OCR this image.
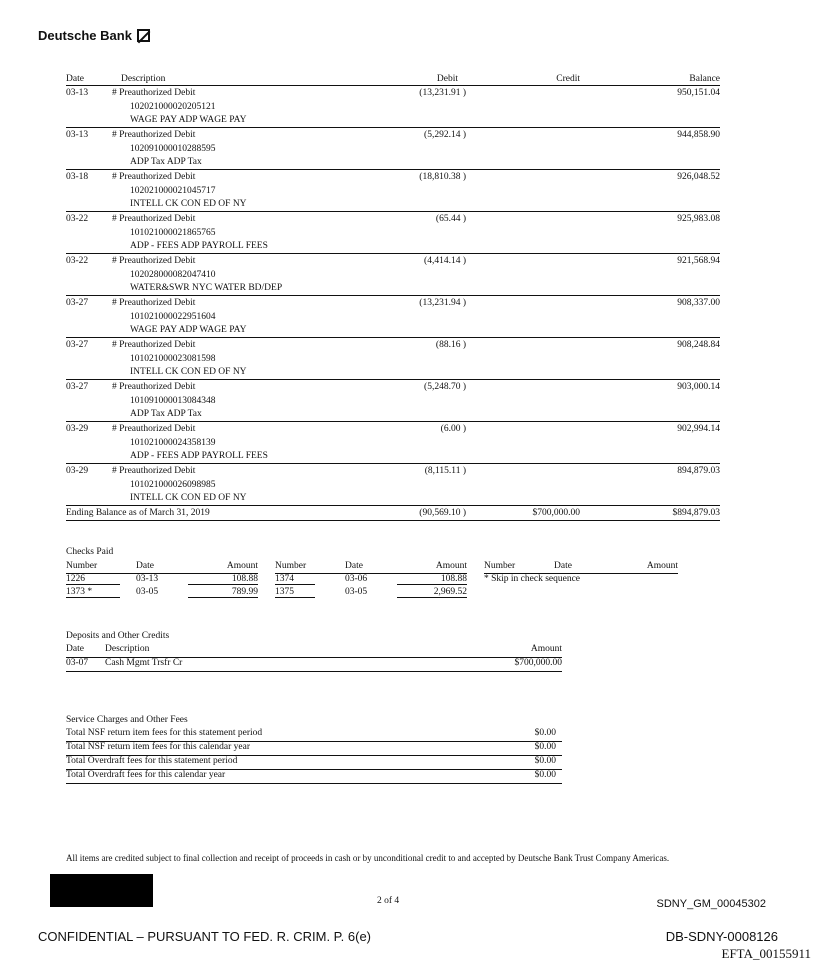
Deutsche Bank
Date	Description	Debit	Credit	Balance
03-13	# Preauthorized Debit
102021000020205121
WAGE PAY ADP WAGE PAY
(13,231.91 )	950,151.04
03-13	# Preauthorized Debit
102091000010288595
ADP Tax ADP Tax
(5,292.14 )	944,858.90
03-18	# Preauthorized Debit
102021000021045717
INTELL CK CON ED OF NY
(18,810.38 )	926,048.52
03-22	# Preauthorized Debit
101021000021865765
ADP - FEES ADP PAYROLL FEES
(65.44 )	925,983.08
03-22	# Preauthorized Debit
102028000082047410
WATER&SWR NYC WATER BD/DEP
(4,414.14 )	921,568.94
03-27	# Preauthorized Debit
101021000022951604
WAGE PAY ADP WAGE PAY
(13,231.94 )	908,337.00
03-27	# Preauthorized Debit
101021000023081598
INTELL CK CON ED OF NY
(88.16 )	908,248.84
03-27	# Preauthorized Debit
101091000013084348
ADP Tax ADP Tax
(5,248.70 )	903,000.14
03-29	# Preauthorized Debit
101021000024358139
ADP - FEES ADP PAYROLL FEES
(6.00 )	902,994.14
03-29	# Preauthorized Debit
101021000026098985
INTELL CK CON ED OF NY
(8,115.11 )	894,879.03
Ending Balance as of March 31, 2019	(90,569.10 )	$700,000.00	$894,879.03
Checks Paid
Number	Date	Amount
1226	03-13	108.88
1373 *	03-05	789.99
Number	Date	Amount
1374	03-06	108.88
1375	03-05	2,969.52
Number	Date	Amount
* Skip in check sequence
Deposits and Other Credits
Date Description	Amount
03-07 Cash Mgmt Trsfr Cr	$700,000.00
Service Charges and Other Fees
Total NSF return item fees for this statement period	$0.00
Total NSF return item fees for this calendar year	$0.00
Total Overdraft fees for this statement period	$0.00
Total Overdraft fees for this calendar year	$0.00
All items are credited subject to final collection and receipt of proceeds in cash or by unconditional credit to and accepted by Deutsche Bank Trust Company Americas.
2 of 4	SDNY_GM_00045302
CONFIDENTIAL – PURSUANT TO FED. R. CRIM. P. 6(e)	DB-SDNY-0008126
EFTA_00155911
